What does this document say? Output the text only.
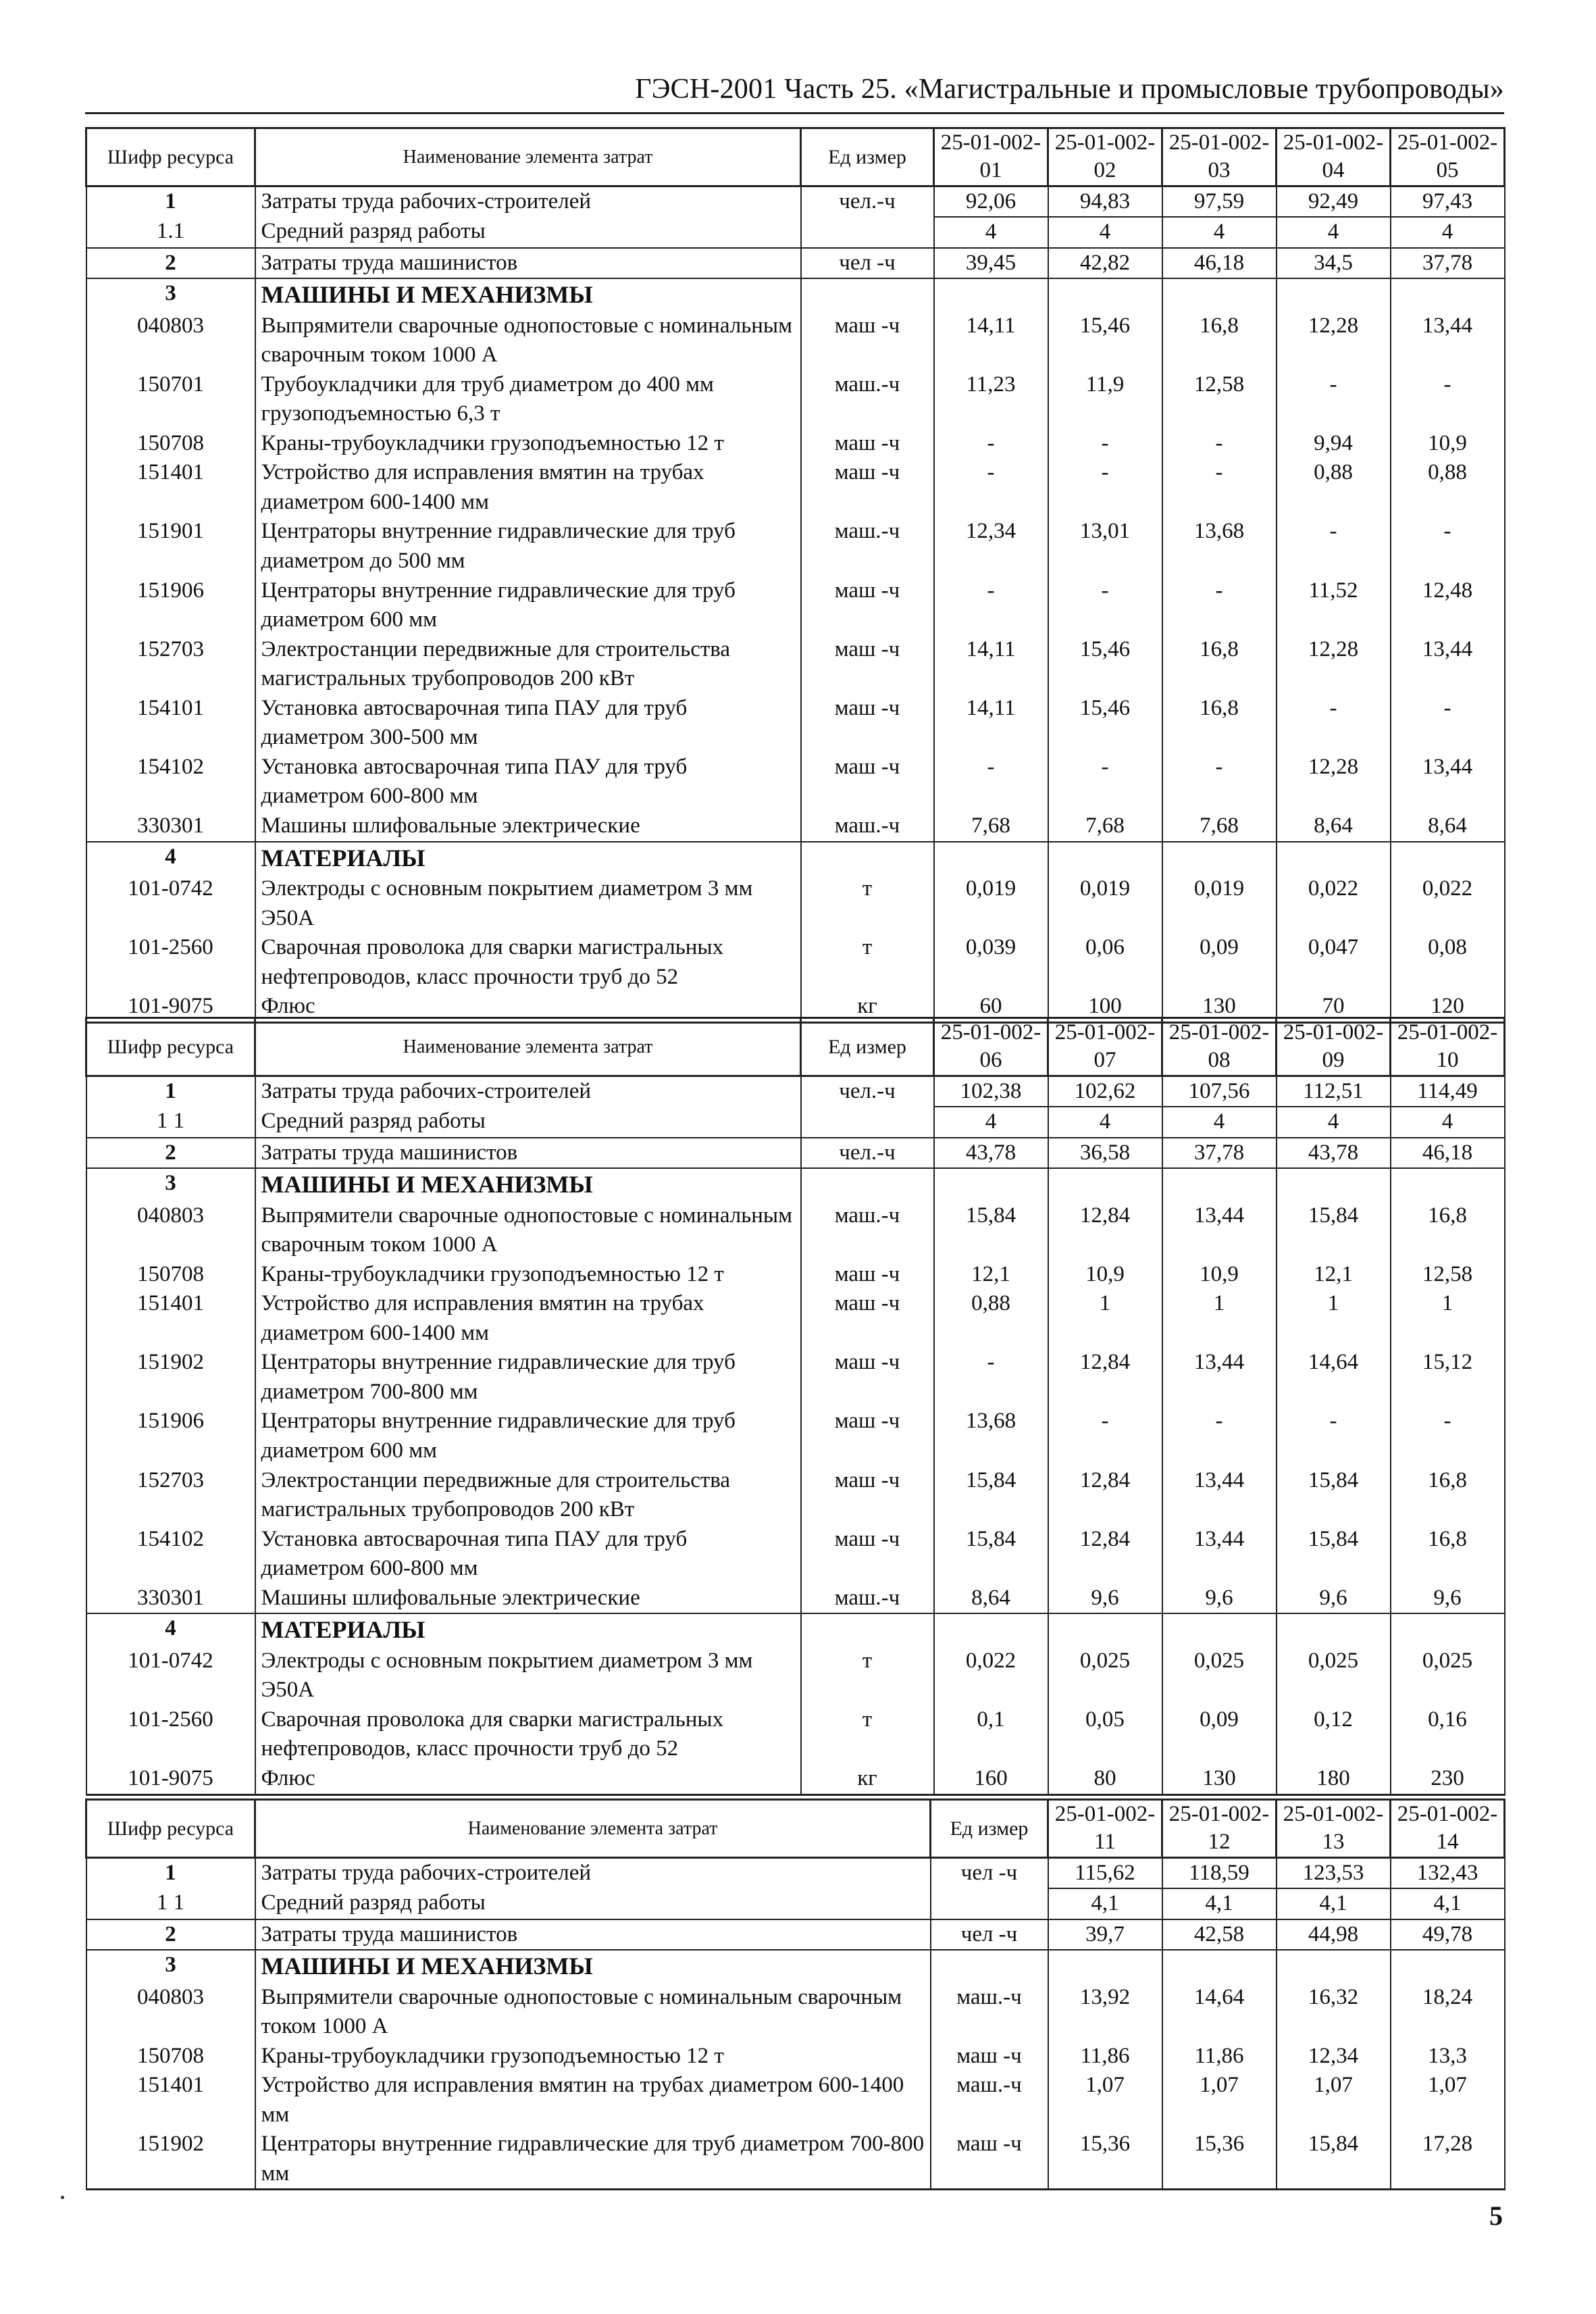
ГЭСН-2001 Часть 25. «Магистральные и промысловые трубопроводы»
Шифр ресурса	Наименование элемента затрат	Ед измер	25-01-002-01	25-01-002-02	25-01-002-03	25-01-002-04	25-01-002-05
1	Затраты труда рабочих-строителей	чел.-ч	92,06	94,83	97,59	92,49	97,43
1.1	Средний разряд работы		4	4	4	4	4
2	Затраты труда машинистов	чел -ч	39,45	42,82	46,18	34,5	37,78
3	МАШИНЫ И МЕХАНИЗМЫ						
040803	Выпрямители сварочные однопостовые с номинальным сварочным током 1000 А	маш -ч	14,11	15,46	16,8	12,28	13,44
150701	Трубоукладчики для труб диаметром до 400 мм грузоподъемностью 6,3 т	маш.-ч	11,23	11,9	12,58	-	-
150708	Краны-трубоукладчики грузоподъемностью 12 т	маш -ч	-	-	-	9,94	10,9
151401	Устройство для исправления вмятин на трубах диаметром 600-1400 мм	маш -ч	-	-	-	0,88	0,88
151901	Центраторы внутренние гидравлические для труб диаметром до 500 мм	маш.-ч	12,34	13,01	13,68	-	-
151906	Центраторы внутренние гидравлические для труб диаметром 600 мм	маш -ч	-	-	-	11,52	12,48
152703	Электростанции передвижные для строительства магистральных трубопроводов 200 кВт	маш -ч	14,11	15,46	16,8	12,28	13,44
154101	Установка автосварочная типа ПАУ для труб диаметром 300-500 мм	маш -ч	14,11	15,46	16,8	-	-
154102	Установка автосварочная типа ПАУ для труб диаметром 600-800 мм	маш -ч	-	-	-	12,28	13,44
330301	Машины шлифовальные электрические	маш.-ч	7,68	7,68	7,68	8,64	8,64
4	МАТЕРИАЛЫ						
101-0742	Электроды с основным покрытием диаметром 3 мм Э50А	т	0,019	0,019	0,019	0,022	0,022
101-2560	Сварочная проволока для сварки магистральных нефтепроводов, класс прочности труб до 52	т	0,039	0,06	0,09	0,047	0,08
101-9075	Флюс	кг	60	100	130	70	120
Шифр ресурса	Наименование элемента затрат	Ед измер	25-01-002-06	25-01-002-07	25-01-002-08	25-01-002-09	25-01-002-10
1	Затраты труда рабочих-строителей	чел.-ч	102,38	102,62	107,56	112,51	114,49
1 1	Средний разряд работы		4	4	4	4	4
2	Затраты труда машинистов	чел.-ч	43,78	36,58	37,78	43,78	46,18
3	МАШИНЫ И МЕХАНИЗМЫ						
040803	Выпрямители сварочные однопостовые с номинальным сварочным током 1000 А	маш.-ч	15,84	12,84	13,44	15,84	16,8
150708	Краны-трубоукладчики грузоподъемностью 12 т	маш -ч	12,1	10,9	10,9	12,1	12,58
151401	Устройство для исправления вмятин на трубах диаметром 600-1400 мм	маш -ч	0,88	1	1	1	1
151902	Центраторы внутренние гидравлические для труб диаметром 700-800 мм	маш -ч	-	12,84	13,44	14,64	15,12
151906	Центраторы внутренние гидравлические для труб диаметром 600 мм	маш -ч	13,68	-	-	-	-
152703	Электростанции передвижные для строительства магистральных трубопроводов 200 кВт	маш -ч	15,84	12,84	13,44	15,84	16,8
154102	Установка автосварочная типа ПАУ для труб диаметром 600-800 мм	маш -ч	15,84	12,84	13,44	15,84	16,8
330301	Машины шлифовальные электрические	маш.-ч	8,64	9,6	9,6	9,6	9,6
4	МАТЕРИАЛЫ						
101-0742	Электроды с основным покрытием диаметром 3 мм Э50А	т	0,022	0,025	0,025	0,025	0,025
101-2560	Сварочная проволока для сварки магистральных нефтепроводов, класс прочности труб до 52	т	0,1	0,05	0,09	0,12	0,16
101-9075	Флюс	кг	160	80	130	180	230
Шифр ресурса	Наименование элемента затрат	Ед измер	25-01-002-11	25-01-002-12	25-01-002-13	25-01-002-14
1	Затраты труда рабочих-строителей	чел -ч	115,62	118,59	123,53	132,43
1 1	Средний разряд работы		4,1	4,1	4,1	4,1
2	Затраты труда машинистов	чел -ч	39,7	42,58	44,98	49,78
3	МАШИНЫ И МЕХАНИЗМЫ					
040803	Выпрямители сварочные однопостовые с номинальным сварочным током 1000 А	маш.-ч	13,92	14,64	16,32	18,24
150708	Краны-трубоукладчики грузоподъемностью 12 т	маш -ч	11,86	11,86	12,34	13,3
151401	Устройство для исправления вмятин на трубах диаметром 600-1400 мм	маш.-ч	1,07	1,07	1,07	1,07
151902	Центраторы внутренние гидравлические для труб диаметром 700-800 мм	маш -ч	15,36	15,36	15,84	17,28
5
